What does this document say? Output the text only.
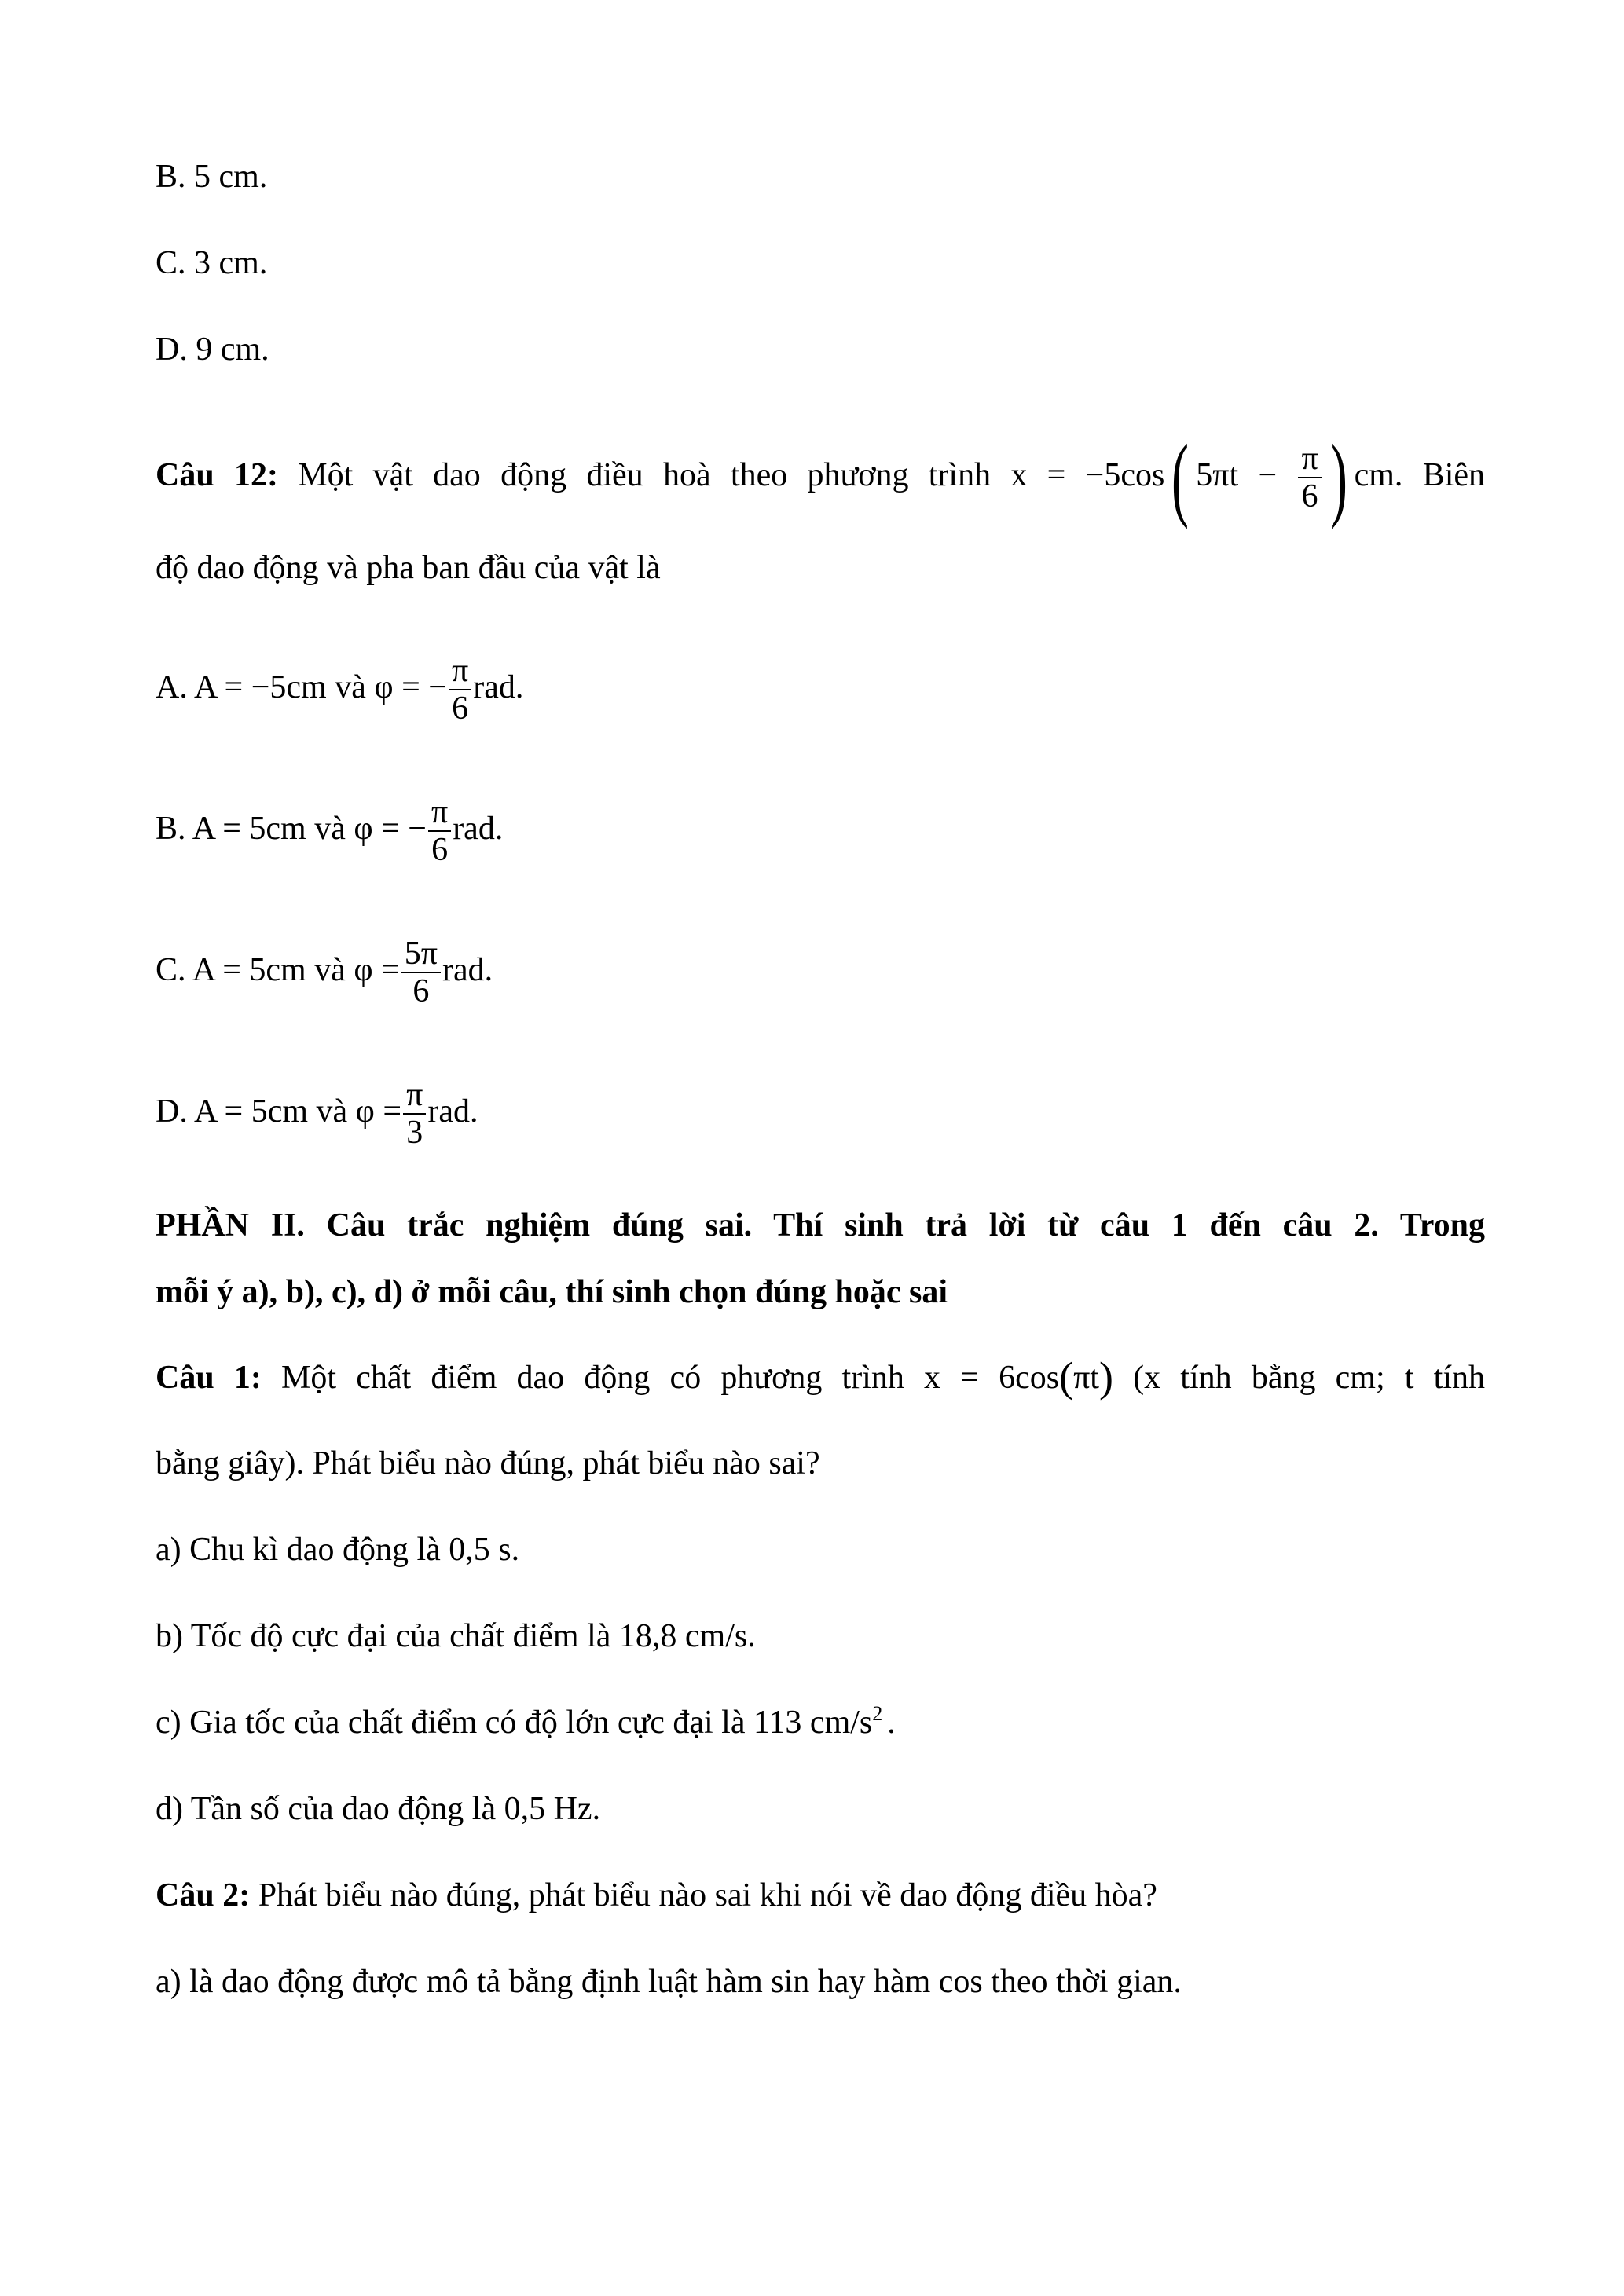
B. 5 cm.
C. 3 cm.
D. 9 cm.
Câu 12: Một vật dao động điều hoà theo phương trình x = −5cos( $5\pi t - \frac{\pi}{6}$ ) cm. Biên
độ dao động và pha ban đầu của vật là
A. A = −5cm và φ = − $\frac{\pi}{6}$ rad.
B. A = 5cm và φ = − $\frac{\pi}{6}$ rad.
C. A = 5cm và $\varphi = \frac{5\pi}{6}$ rad.
D. A = 5cm và $\varphi = \frac{\pi}{3}$ rad.
PHẦN II. Câu trắc nghiệm đúng sai. Thí sinh trả lời từ câu 1 đến câu 2. Trong
mỗi ý a), b), c), d) ở mỗi câu, thí sinh chọn đúng hoặc sai
Câu 1: Một chất điểm dao động có phương trình x = 6cos(πt) (x tính bằng cm; t tính
bằng giây). Phát biểu nào đúng, phát biểu nào sai?
a) Chu kì dao động là 0,5 s.
b) Tốc độ cực đại của chất điểm là 18,8 cm/s.
c) Gia tốc của chất điểm có độ lớn cực đại là 113 $cm/s^2$ .
d) Tần số của dao động là 0,5 Hz.
Câu 2: Phát biểu nào đúng, phát biểu nào sai khi nói về dao động điều hòa?
a) là dao động được mô tả bằng định luật hàm sin hay hàm cos theo thời gian.
